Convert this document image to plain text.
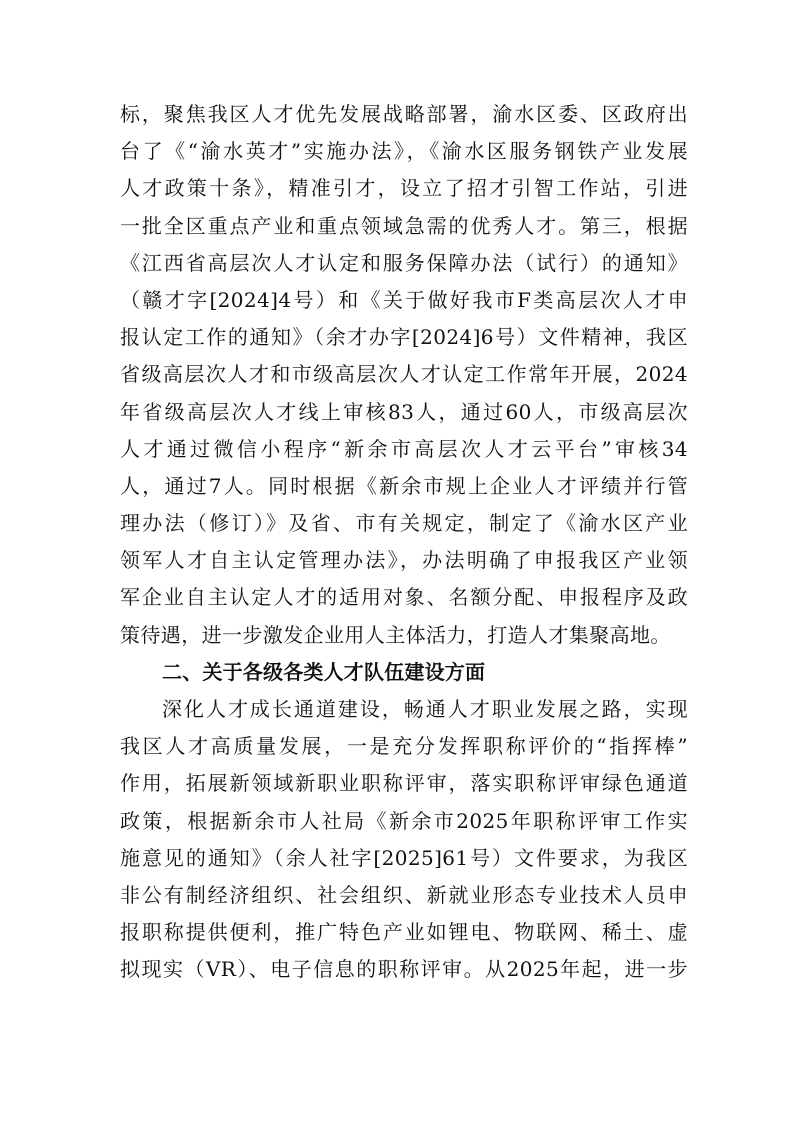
标，聚焦我区人才优先发展战略部署，渝水区委、区政府出
台了《“渝水英才”实施办法》，《渝水区服务钢铁产业发展
人才政策十条》，精准引才，设立了招才引智工作站，引进
一批全区重点产业和重点领域急需的优秀人才。第三，根据
《江西省高层次人才认定和服务保障办法（试行）的通知》
（赣才字[2024]4号）和《关于做好我市F类高层次人才申
报认定工作的通知》（余才办字[2024]6号）文件精神，我区
省级高层次人才和市级高层次人才认定工作常年开展，2024
年省级高层次人才线上审核83人，通过60人，市级高层次
人才通过微信小程序“新余市高层次人才云平台”审核34
人，通过7人。同时根据《新余市规上企业人才评绩并行管
理办法（修订）》及省、市有关规定，制定了《渝水区产业
领军人才自主认定管理办法》，办法明确了申报我区产业领
军企业自主认定人才的适用对象、名额分配、申报程序及政
策待遇，进一步激发企业用人主体活力，打造人才集聚高地。
二、关于各级各类人才队伍建设方面
深化人才成长通道建设，畅通人才职业发展之路，实现
我区人才高质量发展，一是充分发挥职称评价的“指挥棒”
作用，拓展新领域新职业职称评审，落实职称评审绿色通道
政策，根据新余市人社局《新余市2025年职称评审工作实
施意见的通知》（余人社字[2025]61号）文件要求，为我区
非公有制经济组织、社会组织、新就业形态专业技术人员申
报职称提供便利，推广特色产业如锂电、物联网、稀土、虚
拟现实（VR）、电子信息的职称评审。从2025年起，进一步
